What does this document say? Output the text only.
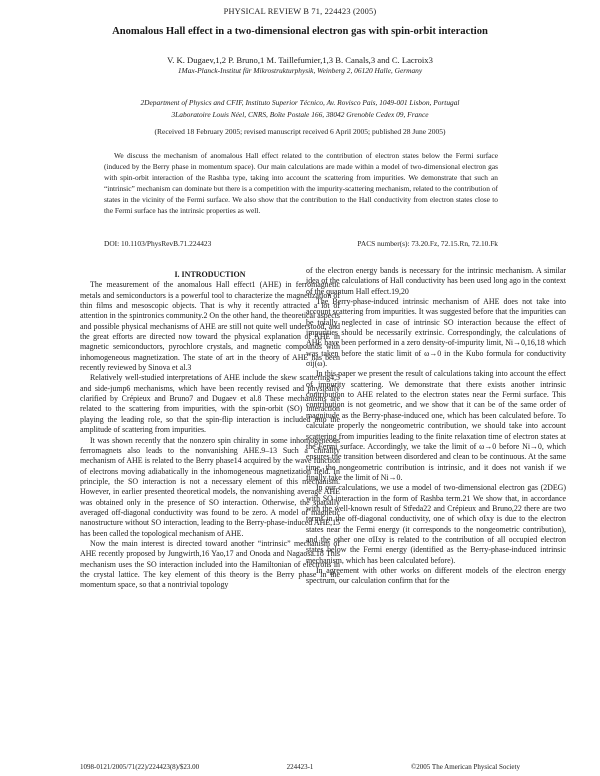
PHYSICAL REVIEW B 71, 224423 (2005)
Anomalous Hall effect in a two-dimensional electron gas with spin-orbit interaction
V. K. Dugaev,1,2 P. Bruno,1 M. Taillefumier,1,3 B. Canals,3 and C. Lacroix3
1Max-Planck-Institut für Mikrostrukturphysik, Weinberg 2, 06120 Halle, Germany
2Department of Physics and CFIF, Instituto Superior Técnico, Av. Rovisco Pais, 1049-001 Lisbon, Portugal
3Laboratoire Louis Néel, CNRS, Boîte Postale 166, 38042 Grenoble Cedex 09, France
(Received 18 February 2005; revised manuscript received 6 April 2005; published 28 June 2005)
We discuss the mechanism of anomalous Hall effect related to the contribution of electron states below the Fermi surface (induced by the Berry phase in momentum space). Our main calculations are made within a model of two-dimensional electron gas with spin-orbit interaction of the Rashba type, taking into account the scattering from impurities. We demonstrate that such an “intrinsic” mechanism can dominate but there is a competition with the impurity-scattering mechanism, related to the contribution of states in the vicinity of the Fermi surface. We also show that the contribution to the Hall conductivity from electron states close to the Fermi surface has the intrinsic properties as well.
DOI: 10.1103/PhysRevB.71.224423	PACS number(s): 73.20.Fz, 72.15.Rn, 72.10.Fk

I. INTRODUCTION

The measurement of the anomalous Hall effect1 (AHE) in ferromagnetic metals and semiconductors is a powerful tool to characterize the magnetization of thin films and mesoscopic objects. That is why it recently attracted a lot of attention in the spintronics community.2 On the other hand, the theoretical aspects and possible physical mechanisms of AHE are still not quite well understood, and the great efforts are directed now toward the physical explanation of AHE in magnetic semiconductors, pyrochlore crystals, and magnetic compounds with inhomogeneous magnetization. The state of art in the theory of AHE has been recently reviewed by Sinova et al.3

Relatively well-studied interpretations of AHE include the skew scattering4,5 and side-jump6 mechanisms, which have been recently revised and physically clarified by Crépieux and Bruno7 and Dugaev et al.8 These mechanisms are related to the scattering from impurities, with the spin-orbit (SO) interaction playing the leading role, so that the spin-flip interaction is included into the amplitude of scattering from impurities.

It was shown recently that the nonzero spin chirality in some inhomogeneous ferromagnets also leads to the nonvanishing AHE.9–13 Such a chirality mechanism of AHE is related to the Berry phase14 acquired by the wave function of electrons moving adiabatically in the inhomogeneous magnetization field. In principle, the SO interaction is not a necessary element of this mechanism. However, in earlier presented theoretical models, the nonvanishing average AHE was obtained only in the presence of SO interaction. Otherwise, the spatially averaged off-diagonal conductivity was found to be zero. A model of magnetic nanostructure without SO interaction, leading to the Berry-phase-induced AHE,15 has been called the topological mechanism of AHE.

Now the main interest is directed toward another “intrinsic” mechanism of AHE recently proposed by Jungwirth,16 Yao,17 and Onoda and Nagaosa.18 This mechanism uses the SO interaction included into the Hamiltonian of electrons in the crystal lattice. The key element of this theory is the Berry phase in the momentum space, so that a nontrivial topology

of the electron energy bands is necessary for the intrinsic mechanism. A similar idea of the calculations of Hall conductivity has been used long ago in the context of the quantum Hall effect.19,20

The Berry-phase-induced intrinsic mechanism of AHE does not take into account scattering from impurities. It was suggested before that the impurities can be totally neglected in case of intrinsic SO interaction because the effect of impurities should be necessarily extrinsic. Correspondingly, the calculations of AHE have been performed in a zero density-of-impurity limit, Ni→0,16,18 which was taken before the static limit of ω→0 in the Kubo formula for conductivity σij(ω).

In this paper we present the result of calculations taking into account the effect of impurity scattering. We demonstrate that there exists another intrinsic contribution to AHE related to the electron states near the Fermi surface. This contribution is not geometric, and we show that it can be of the same order of magnitude as the Berry-phase-induced one, which has been calculated before. To calculate properly the nongeometric contribution, we should take into account scattering from impurities leading to the finite relaxation time of electron states at the Fermi surface. Accordingly, we take the limit of ω→0 before Ni→0, which ensures the transition between disordered and clean to be continuous. At the same time, the nongeometric contribution is intrinsic, and it does not vanish if we finally take the limit of Ni→0.

In our calculations, we use a model of two-dimensional electron gas (2DEG) with SO interaction in the form of Rashba term.21 We show that, in accordance with the well-known result of Středa22 and Crépieux and Bruno,22 there are two terms in the off-diagonal conductivity, one of which σIxy is due to the electron states near the Fermi energy (it corresponds to the nongeometric contribution), and the other one σIIxy is related to the contribution of all occupied electron states below the Fermi energy (identified as the Berry-phase-induced intrinsic mechanism, which has been calculated before).

In agreement with other works on different models of the electron energy spectrum, our calculation confirm that for the

1098-0121/2005/71(22)/224423(8)/$23.00	224423-1	©2005 The American Physical Society
